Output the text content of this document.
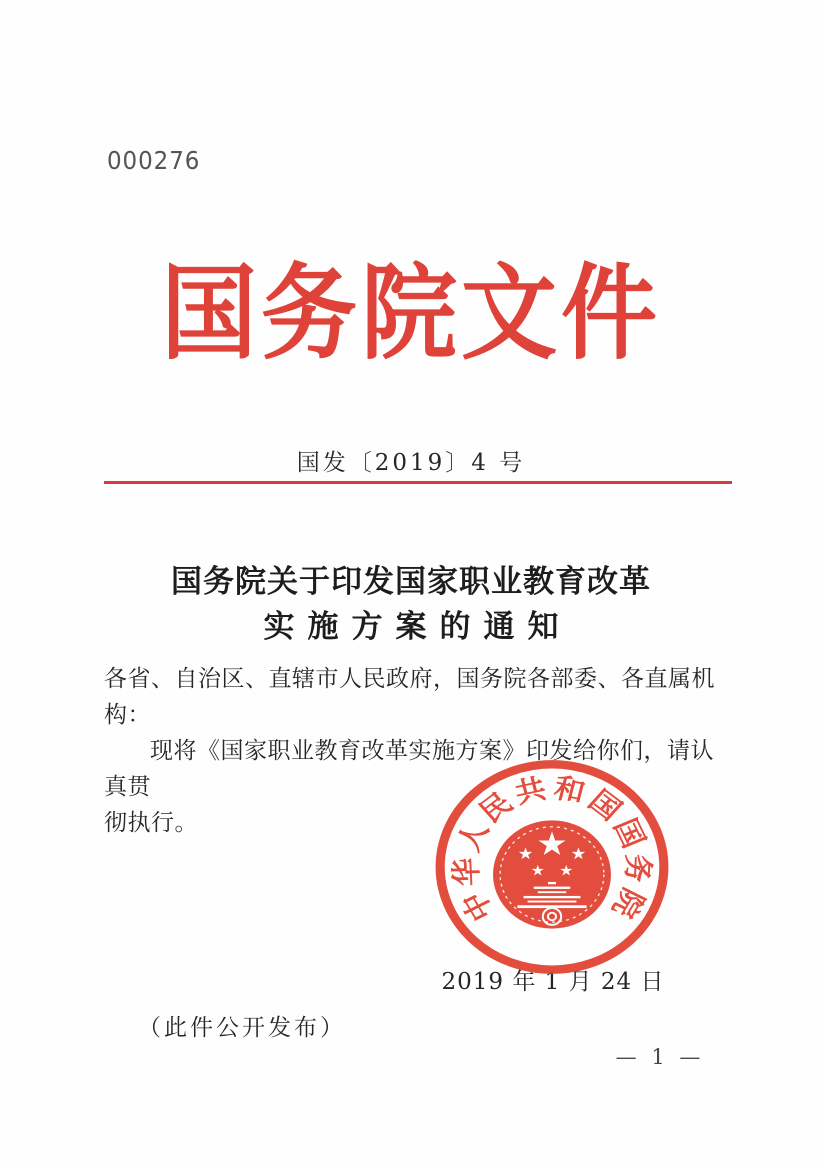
000276
国务院文件
国发〔2019〕4 号
国务院关于印发国家职业教育改革
实施方案的通知
各省、自治区、直辖市人民政府，国务院各部委、各直属机构：
现将《国家职业教育改革实施方案》印发给你们，请认真贯
彻执行。
2019 年 1 月 24 日
中华人民共和国国务院
（此件公开发布）
— 1 —
